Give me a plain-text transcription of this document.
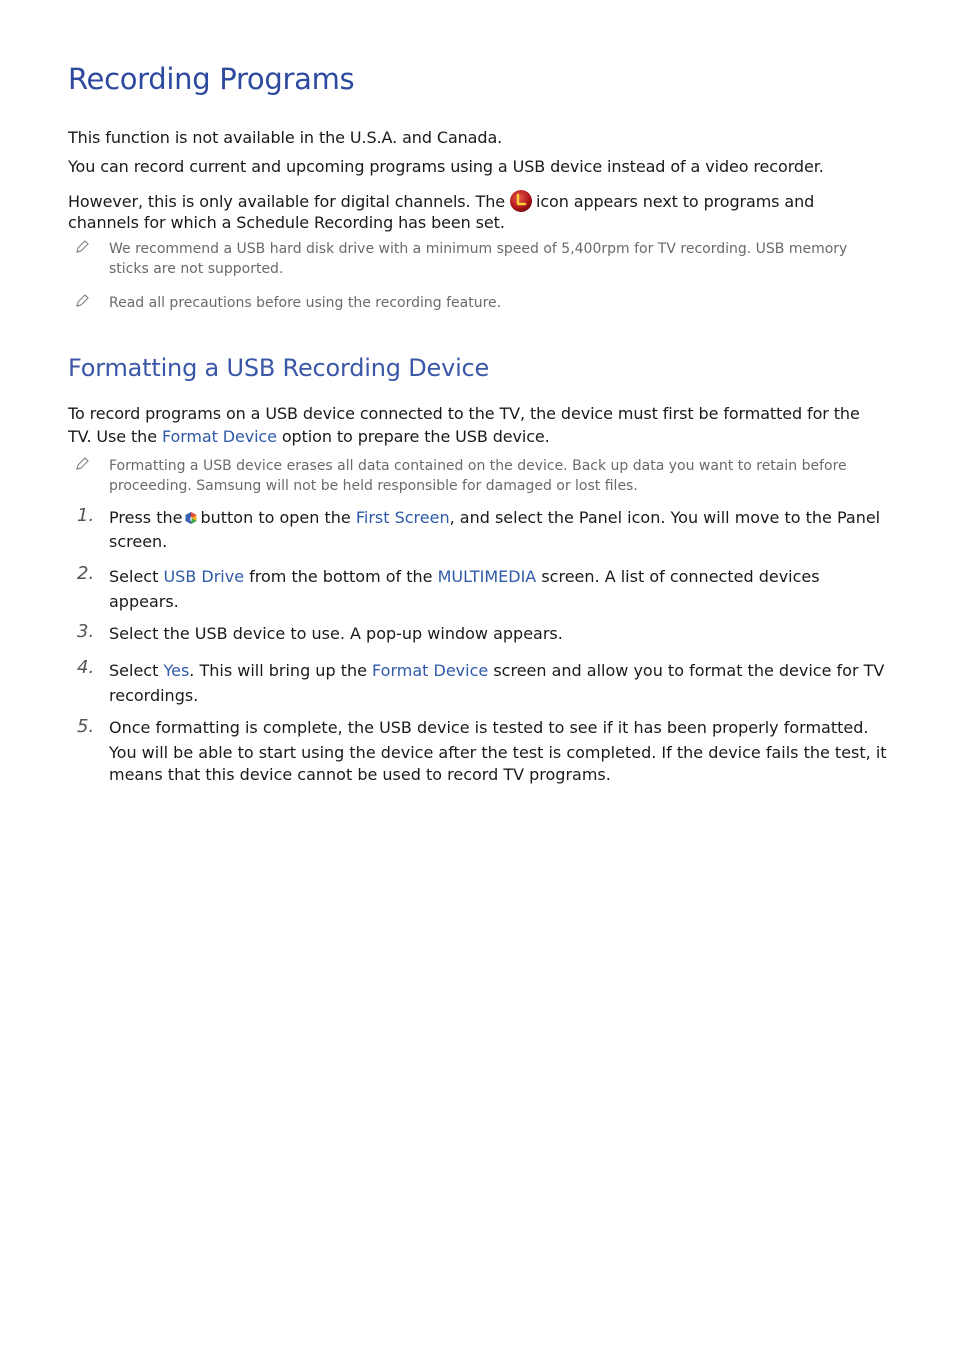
Recording Programs
This function is not available in the U.S.A. and Canada.
You can record current and upcoming programs using a USB device instead of a video recorder.
However, this is only available for digital channels. The icon appears next to programs and channels for which a Schedule Recording has been set.
We recommend a USB hard disk drive with a minimum speed of 5,400rpm for TV recording. USB memory sticks are not supported.
Read all precautions before using the recording feature.
Formatting a USB Recording Device
To record programs on a USB device connected to the TV, the device must first be formatted for the TV. Use the Format Device option to prepare the USB device.
Formatting a USB device erases all data contained on the device. Back up data you want to retain before proceeding. Samsung will not be held responsible for damaged or lost files.
1. Press the button to open the First Screen, and select the Panel icon. You will move to the Panel screen.
2. Select USB Drive from the bottom of the MULTIMEDIA screen. A list of connected devices appears.
3. Select the USB device to use. A pop-up window appears.
4. Select Yes. This will bring up the Format Device screen and allow you to format the device for TV recordings.
5. Once formatting is complete, the USB device is tested to see if it has been properly formatted.
You will be able to start using the device after the test is completed. If the device fails the test, it means that this device cannot be used to record TV programs.
